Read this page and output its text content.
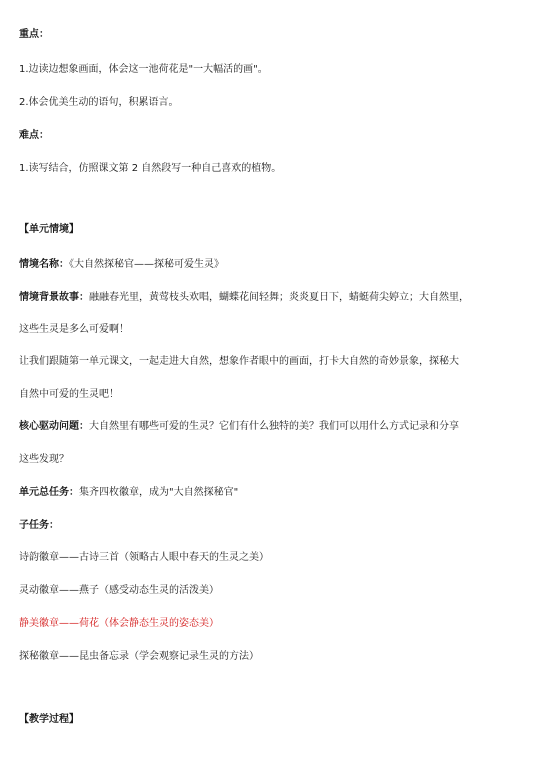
重点：
1.边读边想象画面，体会这一池荷花是"一大幅活的画"。
2.体会优美生动的语句，积累语言。
难点：
1.读写结合，仿照课文第 2 自然段写一种自己喜欢的植物。
【单元情境】
情境名称：《大自然探秘官——探秘可爱生灵》
情境背景故事：融融春光里，黄莺枝头欢唱，蝴蝶花间轻舞；炎炎夏日下，蜻蜓荷尖婷立；大自然里，
这些生灵是多么可爱啊！
让我们跟随第一单元课文，一起走进大自然，想象作者眼中的画面，打卡大自然的奇妙景象，探秘大
自然中可爱的生灵吧！
核心驱动问题：大自然里有哪些可爱的生灵？它们有什么独特的美？我们可以用什么方式记录和分享
这些发现？
单元总任务：集齐四枚徽章，成为"大自然探秘官"
子任务：
诗韵徽章——古诗三首（领略古人眼中春天的生灵之美）
灵动徽章——燕子（感受动态生灵的活泼美）
静美徽章——荷花（体会静态生灵的姿态美）
探秘徽章——昆虫备忘录（学会观察记录生灵的方法）
【教学过程】
